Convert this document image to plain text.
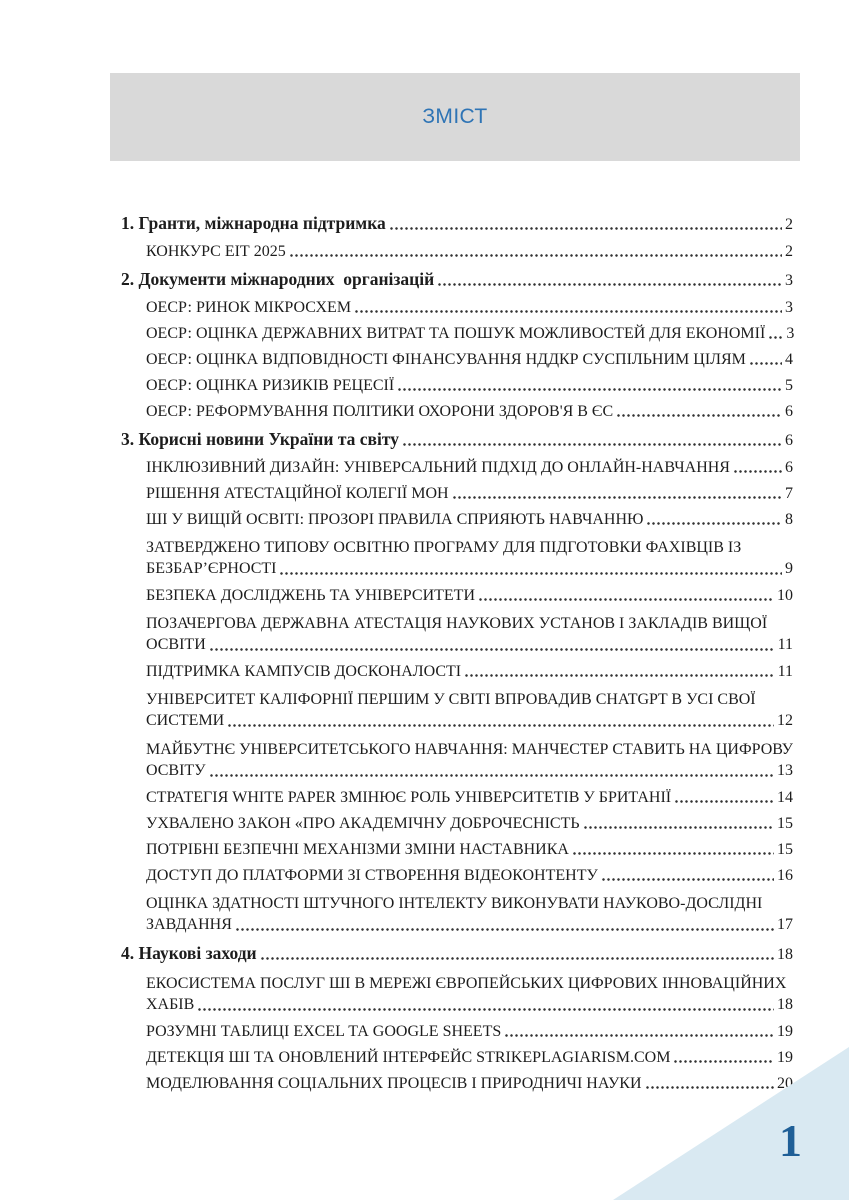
ЗМІСТ
1. Гранти, міжнародна підтримка	2
КОНКУРС ЕІТ 2025	2
2. Документи міжнародних  організацій	3
ОЕСР: РИНОК МІКРОСХЕМ	3
ОЕСР: ОЦІНКА ДЕРЖАВНИХ ВИТРАТ ТА ПОШУК МОЖЛИВОСТЕЙ ДЛЯ ЕКОНОМІЇ 3
ОЕСР: ОЦІНКА ВІДПОВІДНОСТІ ФІНАНСУВАННЯ НДДКР СУСПІЛЬНИМ ЦІЛЯМ 4
ОЕСР: ОЦІНКА РИЗИКІВ РЕЦЕСІЇ	5
ОЕСР: РЕФОРМУВАННЯ ПОЛІТИКИ ОХОРОНИ ЗДОРОВ'Я В ЄС	6
3. Корисні новини України та світу	6
ІНКЛЮЗИВНИЙ ДИЗАЙН: УНІВЕРСАЛЬНИЙ ПІДХІД ДО ОНЛАЙН-НАВЧАННЯ	6
РІШЕННЯ АТЕСТАЦІЙНОЇ КОЛЕГІЇ МОН	7
ШІ У ВИЩІЙ ОСВІТІ: ПРОЗОРІ ПРАВИЛА СПРИЯЮТЬ НАВЧАННЮ	8
ЗАТВЕРДЖЕНО ТИПОВУ ОСВІТНЮ ПРОГРАМУ ДЛЯ ПІДГОТОВКИ ФАХІВЦІВ ІЗ
БЕЗБАР’ЄРНОСТІ	9
БЕЗПЕКА ДОСЛІДЖЕНЬ ТА УНІВЕРСИТЕТИ	10
ПОЗАЧЕРГОВА ДЕРЖАВНА АТЕСТАЦІЯ НАУКОВИХ УСТАНОВ І ЗАКЛАДІВ ВИЩОЇ
ОСВІТИ	11
ПІДТРИМКА КАМПУСІВ ДОСКОНАЛОСТІ	11
УНІВЕРСИТЕТ КАЛІФОРНІЇ ПЕРШИМ У СВІТІ ВПРОВАДИВ CHATGPT В УСІ СВОЇ
СИСТЕМИ	12
МАЙБУТНЄ УНІВЕРСИТЕТСЬКОГО НАВЧАННЯ: МАНЧЕСТЕР СТАВИТЬ НА ЦИФРОВУ
ОСВІТУ	13
СТРАТЕГІЯ WHITE PAPER ЗМІНЮЄ РОЛЬ УНІВЕРСИТЕТІВ У БРИТАНІЇ	14
УХВАЛЕНО ЗАКОН «ПРО АКАДЕМІЧНУ ДОБРОЧЕСНІСТЬ	15
ПОТРІБНІ БЕЗПЕЧНІ МЕХАНІЗМИ ЗМІНИ НАСТАВНИКА	15
ДОСТУП ДО ПЛАТФОРМИ ЗІ СТВОРЕННЯ ВІДЕОКОНТЕНТУ	16
ОЦІНКА ЗДАТНОСТІ ШТУЧНОГО ІНТЕЛЕКТУ ВИКОНУВАТИ НАУКОВО-ДОСЛІДНІ
ЗАВДАННЯ	17
4. Наукові заходи	18
ЕКОСИСТЕМА ПОСЛУГ ШІ В МЕРЕЖІ ЄВРОПЕЙСЬКИХ ЦИФРОВИХ ІННОВАЦІЙНИХ
ХАБІВ	18
РОЗУМНІ ТАБЛИЦІ EXCEL ТА GOOGLE SHEETS	19
ДЕТЕКЦІЯ ШІ ТА ОНОВЛЕНИЙ ІНТЕРФЕЙС STRIKEPLAGIARISM.COM	19
МОДЕЛЮВАННЯ СОЦІАЛЬНИХ ПРОЦЕСІВ І ПРИРОДНИЧІ НАУКИ	20
1
